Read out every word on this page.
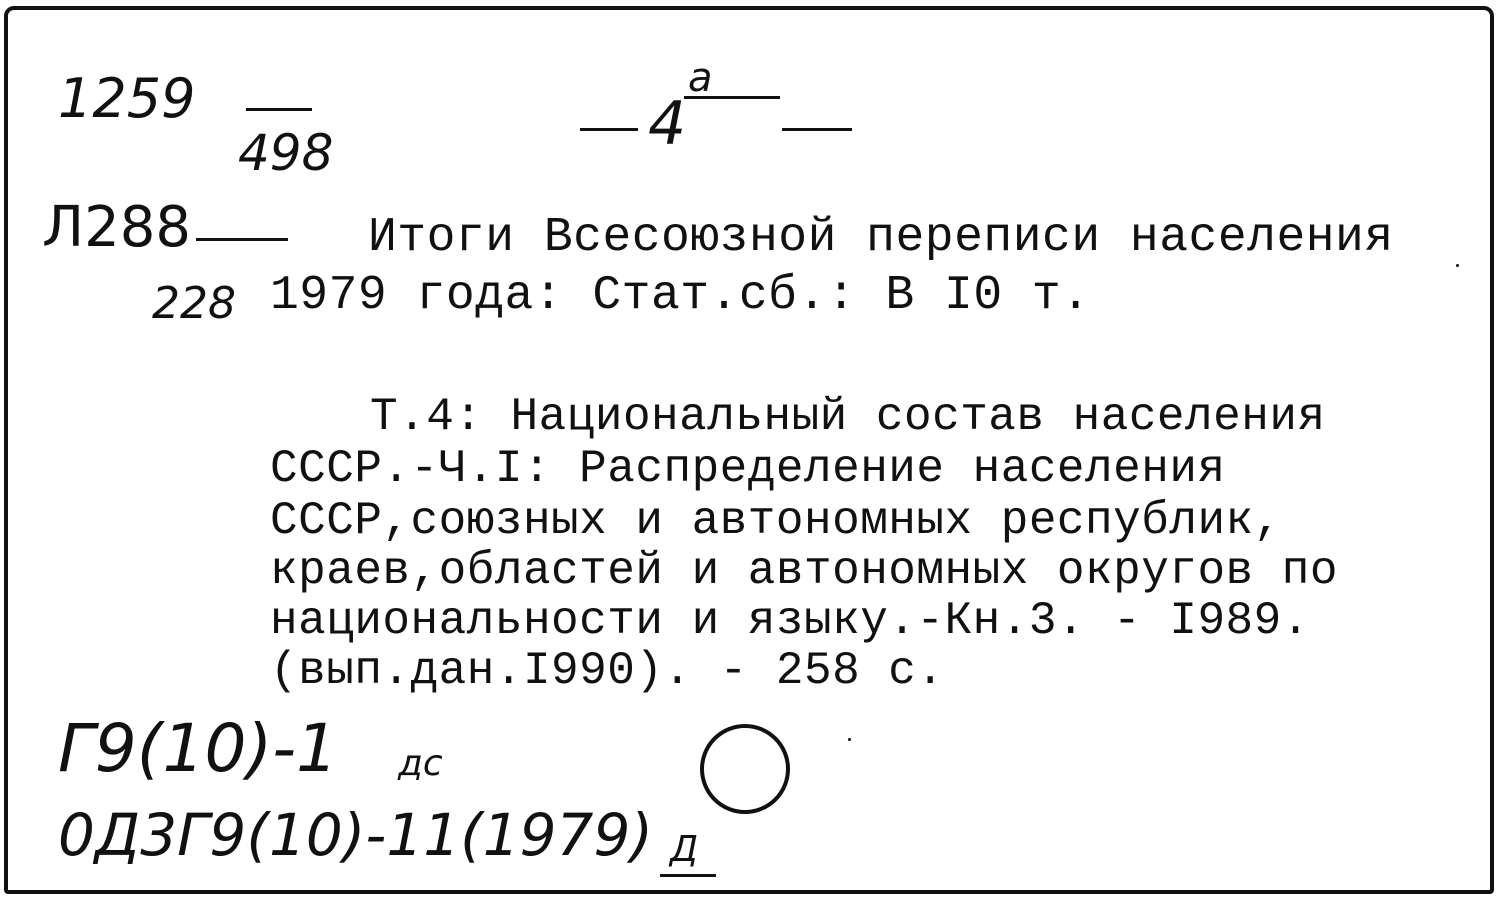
1259
498	4
а
Л288
228
Итоги Всесоюзной переписи населения
1979 года: Стат.сб.: В I0 т.
Т.4: Национальный состав населения
СССР.-Ч.I: Распределение населения
СССР,союзных и автономных республик,
краев,областей и автономных округов по
национальности и языку.-Кн.3. - I989.
(вып.дан.I990). - 258 с.
Г9(10)-1 дс
0Д3Г9(10)-11(1979) Д
